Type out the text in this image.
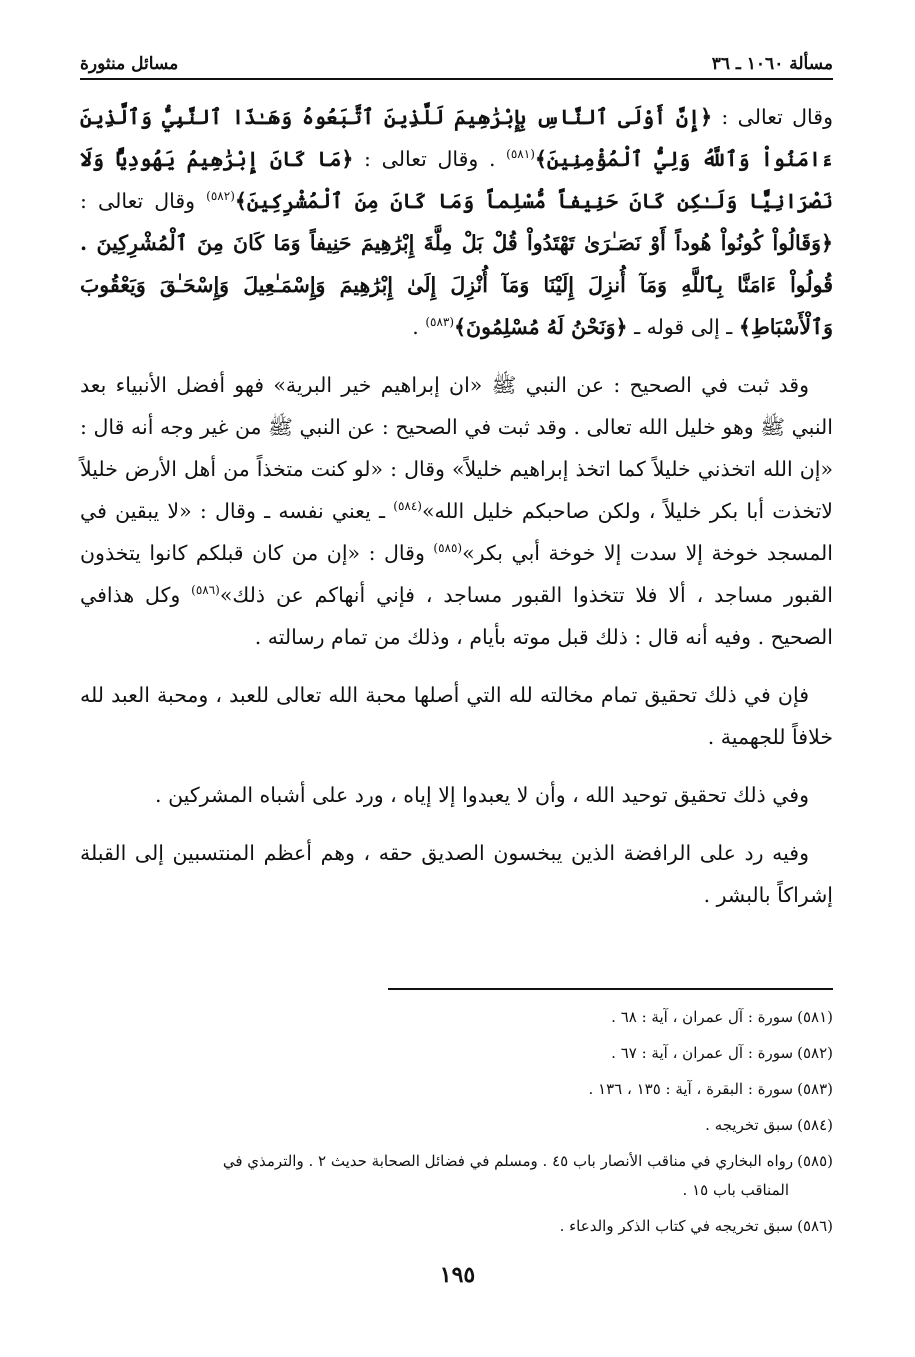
مسألة ١٠٦٠ ـ ٣٦
مسائل منثورة

وقال تعالى : ﴿إِنَّ أَوْلَى ٱلنَّاسِ بِإِبْرَٰهِيمَ لَلَّذِينَ ٱتَّبَعُوهُ وَهَـٰذَا ٱلنَّبِيُّ وَٱلَّذِينَ ءَامَنُواْ وَٱللَّهُ وَلِيُّ ٱلْمُؤْمِنِينَ﴾$^{(٥٨١)}$ . وقال تعالى : ﴿مَا كَانَ إِبْرَٰهِيمُ يَهُودِيًّا وَلَا نَصْرَانِيًّا وَلَـٰكِن كَانَ حَنِيفاً مُّسْلِماً وَمَا كَانَ مِنَ ٱلْمُشْرِكِينَ﴾$^{(٥٨٢)}$ وقال تعالى : ﴿وَقَالُواْ كُونُواْ هُوداً أَوْ نَصَـٰرَىٰ تَهْتَدُواْ قُلْ بَلْ مِلَّةَ إِبْرَٰهِيمَ حَنِيفاً وَمَا كَانَ مِنَ ٱلْمُشْرِكِينَ . قُولُواْ ءَامَنَّا بِٱللَّهِ وَمَآ أُنزِلَ إِلَيْنَا وَمَآ أُنْزِلَ إِلَىٰ إِبْرَٰهِيمَ وَإِسْمَـٰعِيلَ وَإِسْحَـٰقَ وَيَعْقُوبَ وَٱلْأَسْبَاطِ﴾ ـ إلى قوله ـ ﴿وَنَحْنُ لَهُ مُسْلِمُونَ﴾$^{(٥٨٣)}$ .

وقد ثبت في الصحيح : عن النبي ﷺ «ان إبراهيم خير البرية» فهو أفضل الأنبياء بعد النبي ﷺ وهو خليل الله تعالى . وقد ثبت في الصحيح : عن النبي ﷺ من غير وجه أنه قال : «إن الله اتخذني خليلاً كما اتخذ إبراهيم خليلاً» وقال : «لو كنت متخذاً من أهل الأرض خليلاً لاتخذت أبا بكر خليلاً ، ولكن صاحبكم خليل الله»$^{(٥٨٤)}$ ـ يعني نفسه ـ وقال : «لا يبقين في المسجد خوخة إلا سدت إلا خوخة أبي بكر»$^{(٥٨٥)}$ وقال : «إن من كان قبلكم كانوا يتخذون القبور مساجد ، ألا فلا تتخذوا القبور مساجد ، فإني أنهاكم عن ذلك»$^{(٥٨٦)}$ وكل هذافي الصحيح . وفيه أنه قال : ذلك قبل موته بأيام ، وذلك من تمام رسالته .

فإن في ذلك تحقيق تمام مخالته لله التي أصلها محبة الله تعالى للعبد ، ومحبة العبد لله خلافاً للجهمية .

وفي ذلك تحقيق توحيد الله ، وأن لا يعبدوا إلا إياه ، ورد على أشباه المشركين .

وفيه رد على الرافضة الذين يبخسون الصديق حقه ، وهم أعظم المنتسبين إلى القبلة إشراكاً بالبشر .

(٥٨١)سورة : آل عمران ، آية : ٦٨ .
(٥٨٢)سورة : آل عمران ، آية : ٦٧ .
(٥٨٣)سورة : البقرة ، آية : ١٣٥ ، ١٣٦ .
(٥٨٤)سبق تخريجه .
(٥٨٥)رواه البخاري في مناقب الأنصار باب ٤٥ . ومسلم في فضائل الصحابة حديث ٢ . والترمذي في
المناقب باب ١٥ .
(٥٨٦)سبق تخريجه في كتاب الذكر والدعاء .
١٩٥
